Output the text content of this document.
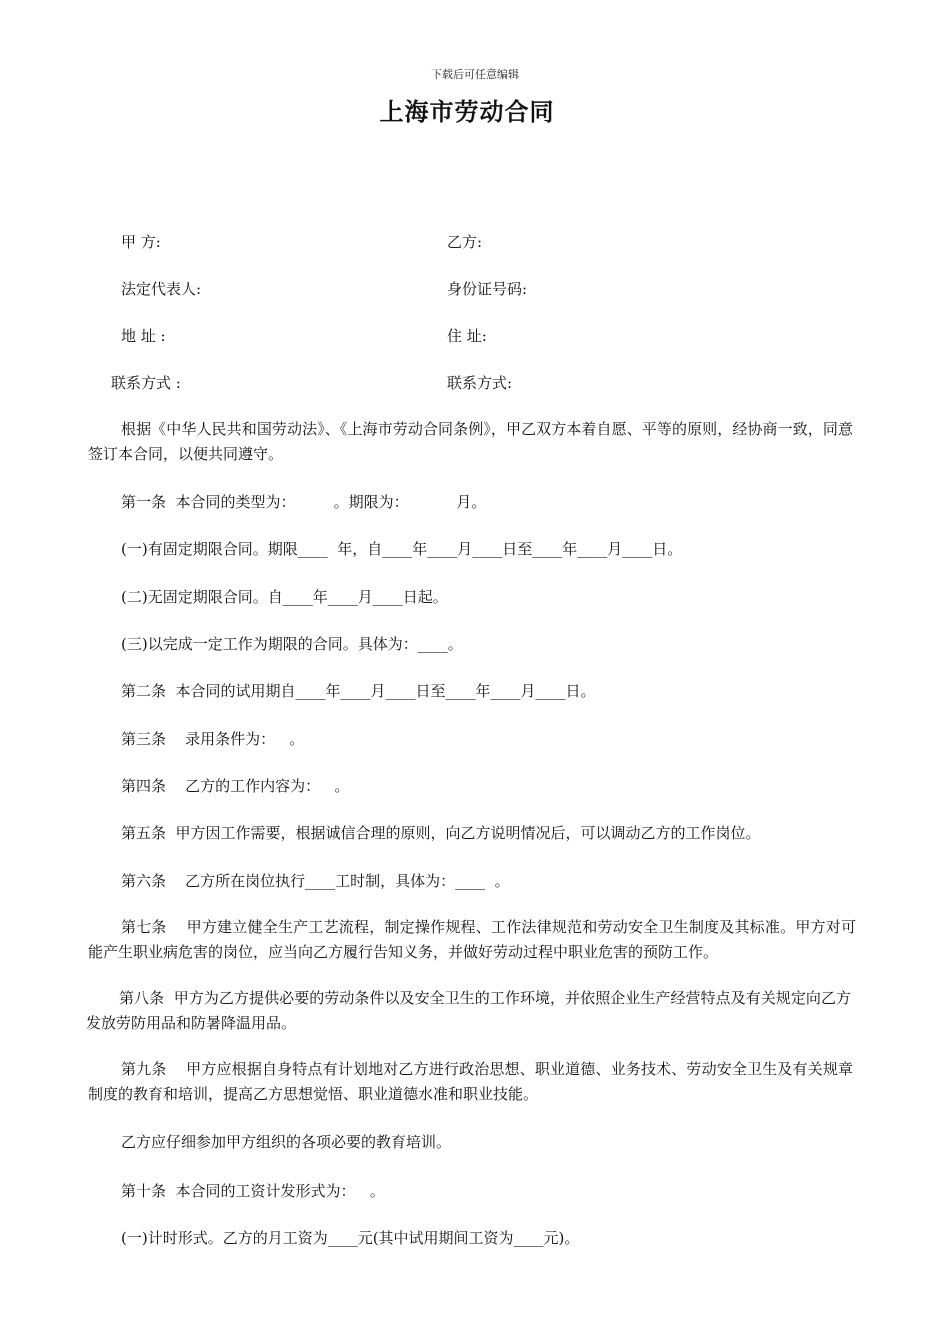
下载后可任意编辑
上海市劳动合同
甲 方:	乙方:
法定代表人:	身份证号码:
地 址 :	住 址:
联系方式 :	联系方式:
根据《中华人民共和国劳动法》、《上海市劳动合同条例》，甲乙双方本着自愿、平等的原则，经协商一致，同意签订本合同，以便共同遵守。
第一条  本合同的类型为：        。期限为：          月。
(一)有固定期限合同。期限____  年，自____年____月____日至____年____月____日。
(二)无固定期限合同。自____年____月____日起。
(三)以完成一定工作为期限的合同。具体为：____。
第二条  本合同的试用期自____年____月____日至____年____月____日。
第三条    录用条件为：   。
第四条    乙方的工作内容为：   。
第五条  甲方因工作需要，根据诚信合理的原则，向乙方说明情况后，可以调动乙方的工作岗位。
第六条    乙方所在岗位执行____工时制，具体为：____  。
第七条    甲方建立健全生产工艺流程，制定操作规程、工作法律规范和劳动安全卫生制度及其标准。甲方对可能产生职业病危害的岗位，应当向乙方履行告知义务，并做好劳动过程中职业危害的预防工作。
第八条  甲方为乙方提供必要的劳动条件以及安全卫生的工作环境，并依照企业生产经营特点及有关规定向乙方发放劳防用品和防暑降温用品。
第九条    甲方应根据自身特点有计划地对乙方进行政治思想、职业道德、业务技术、劳动安全卫生及有关规章制度的教育和培训，提高乙方思想觉悟、职业道德水准和职业技能。
乙方应仔细参加甲方组织的各项必要的教育培训。
第十条  本合同的工资计发形式为：   。
(一)计时形式。乙方的月工资为____元(其中试用期间工资为____元)。
